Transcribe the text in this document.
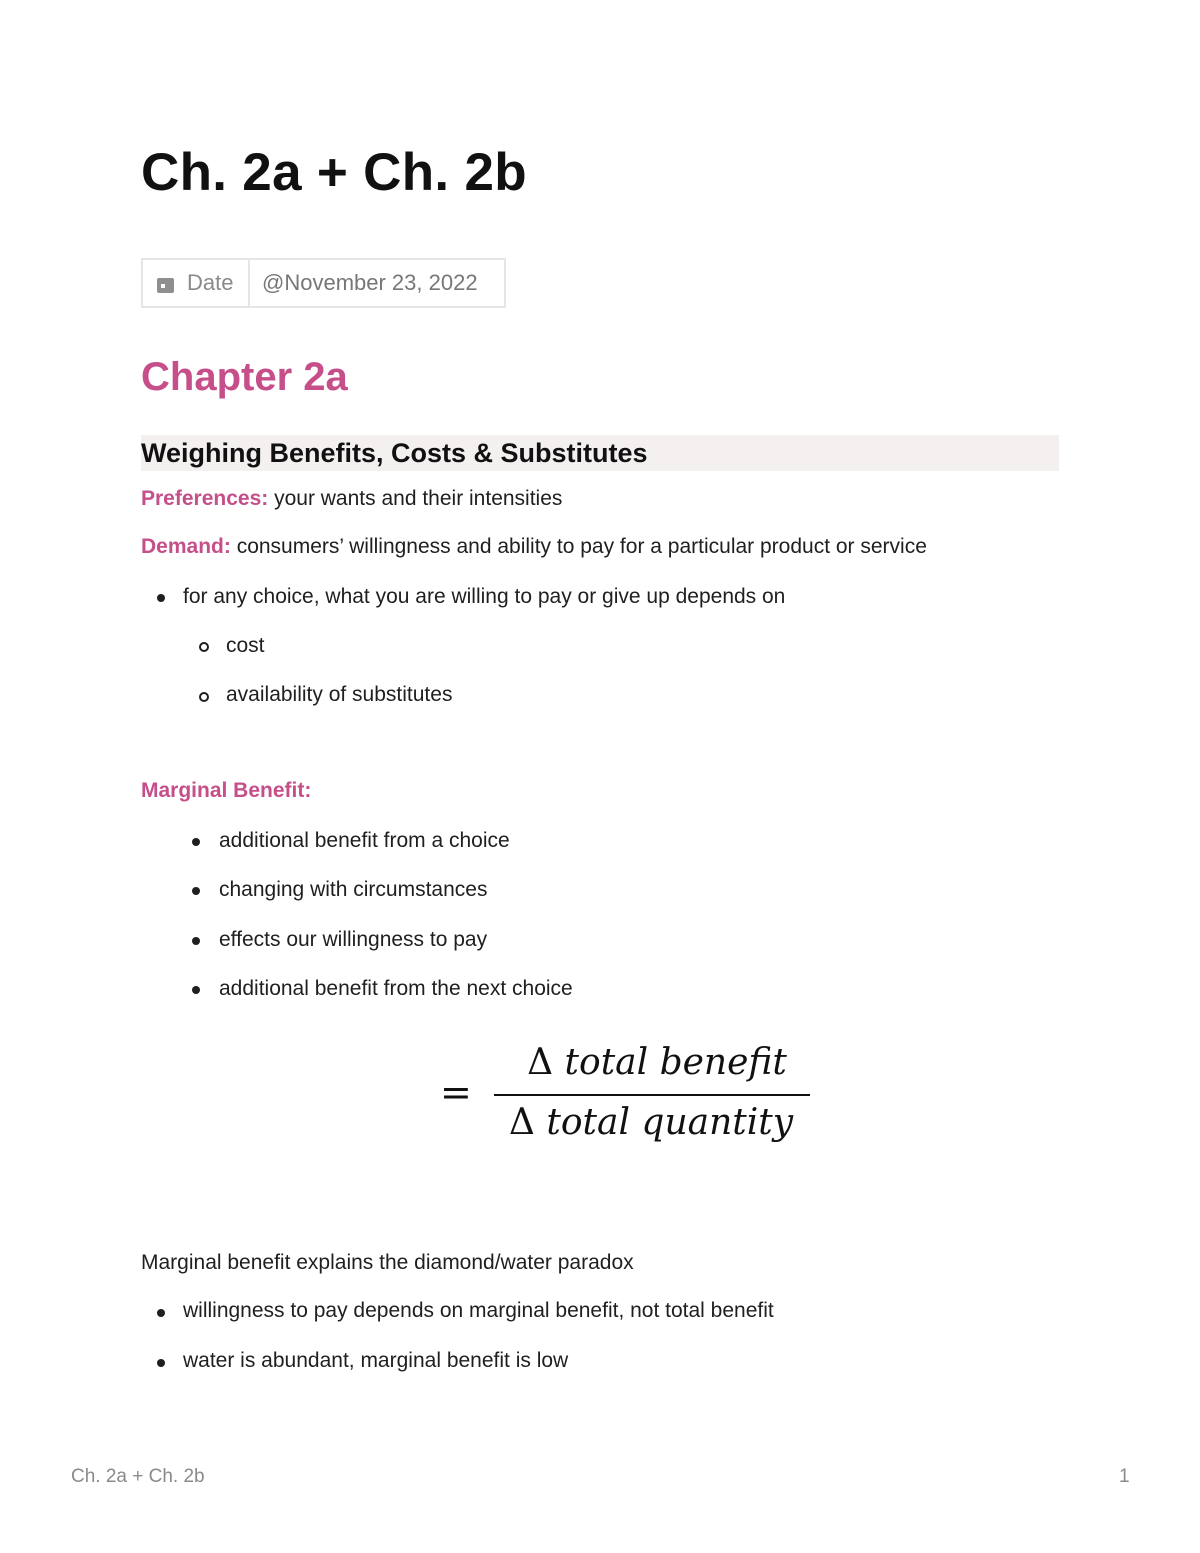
Ch. 2a + Ch. 2b
Date	@November 23, 2022
Chapter 2a
Weighing Benefits, Costs & Substitutes
Preferences: your wants and their intensities
Demand: consumers’ willingness and ability to pay for a particular product or service
for any choice, what you are willing to pay or give up depends on
cost
availability of substitutes
Marginal Benefit:
additional benefit from a choice
changing with circumstances
effects our willingness to pay
additional benefit from the next choice
=
Δ total benefit
Δ total quantity
Marginal benefit explains the diamond/water paradox
willingness to pay depends on marginal benefit, not total benefit
water is abundant, marginal benefit is low
Ch. 2a + Ch. 2b	1
